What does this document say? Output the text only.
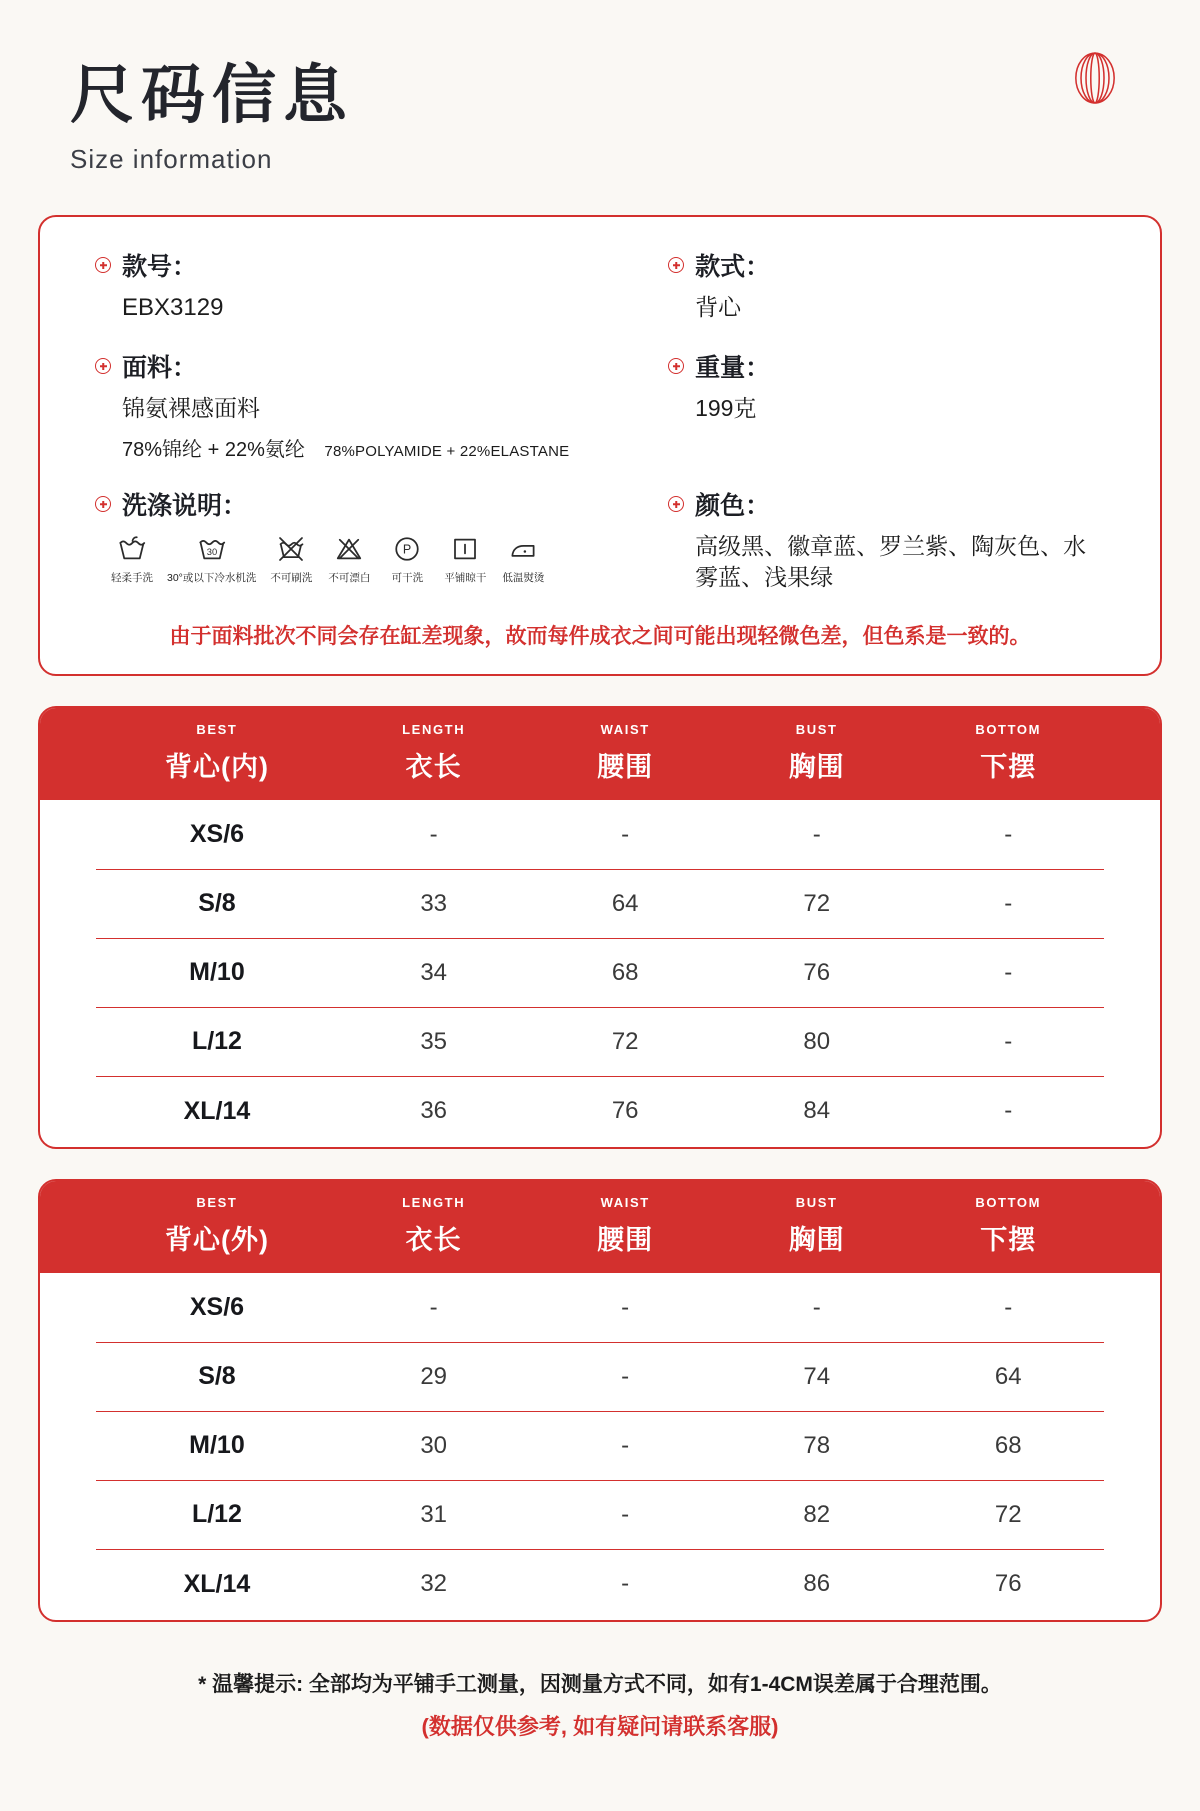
尺码信息
Size information
款号：
EBX3129
款式：
背心
面料：
锦氨裸感面料
78%锦纶 + 22%氨纶 78%POLYAMIDE + 22%ELASTANE
重量：
199克
洗涤说明：
轻柔手洗
30
30°或以下冷水机洗 不可刷洗 不可漂白
P
可干洗 平铺晾干 低温熨烫
颜色：
高级黑、徽章蓝、罗兰紫、陶灰色、水雾蓝、浅果绿
由于面料批次不同会存在缸差现象，故而每件成衣之间可能出现轻微色差，但色系是一致的。
BEST
背心(内)
LENGTH
衣长
WAIST
腰围
BUST
胸围
BOTTOM
下摆
XS/6	-	-	-	-
S/8	33	64	72	-
M/10	34	68	76	-
L/12	35	72	80	-
XL/14	36	76	84	-
BEST
背心(外)
LENGTH
衣长
WAIST
腰围
BUST
胸围
BOTTOM
下摆
XS/6	-	-	-	-
S/8	29	-	74	64
M/10	30	-	78	68
L/12	31	-	82	72
XL/14	32	-	86	76
* 温馨提示: 全部均为平铺手工测量，因测量方式不同，如有1-4CM误差属于合理范围。
(数据仅供参考, 如有疑问请联系客服)
